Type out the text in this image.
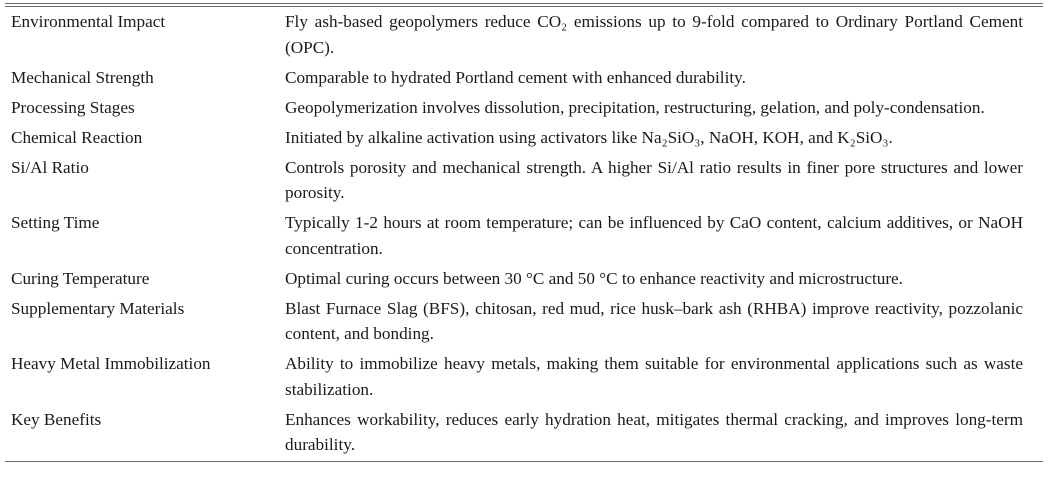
Environmental Impact	Fly ash-based geopolymers reduce CO₂ emissions up to 9-fold compared to Ordinary Portland Cement (OPC).
Mechanical Strength	Comparable to hydrated Portland cement with enhanced durability.
Processing Stages	Geopolymerization involves dissolution, precipitation, restructuring, gelation, and poly-condensation.
Chemical Reaction	Initiated by alkaline activation using activators like Na₂SiO₃, NaOH, KOH, and K₂SiO₃.
Si/Al Ratio	Controls porosity and mechanical strength. A higher Si/Al ratio results in finer pore structures and lower porosity.
Setting Time	Typically 1-2 hours at room temperature; can be influenced by CaO content, calcium additives, or NaOH concentration.
Curing Temperature	Optimal curing occurs between 30 °C and 50 °C to enhance reactivity and microstructure.
Supplementary Materials	Blast Furnace Slag (BFS), chitosan, red mud, rice husk–bark ash (RHBA) improve reactivity, pozzolanic content, and bonding.
Heavy Metal Immobilization	Ability to immobilize heavy metals, making them suitable for environmental applications such as waste stabilization.
Key Benefits	Enhances workability, reduces early hydration heat, mitigates thermal cracking, and improves long-term durability.
